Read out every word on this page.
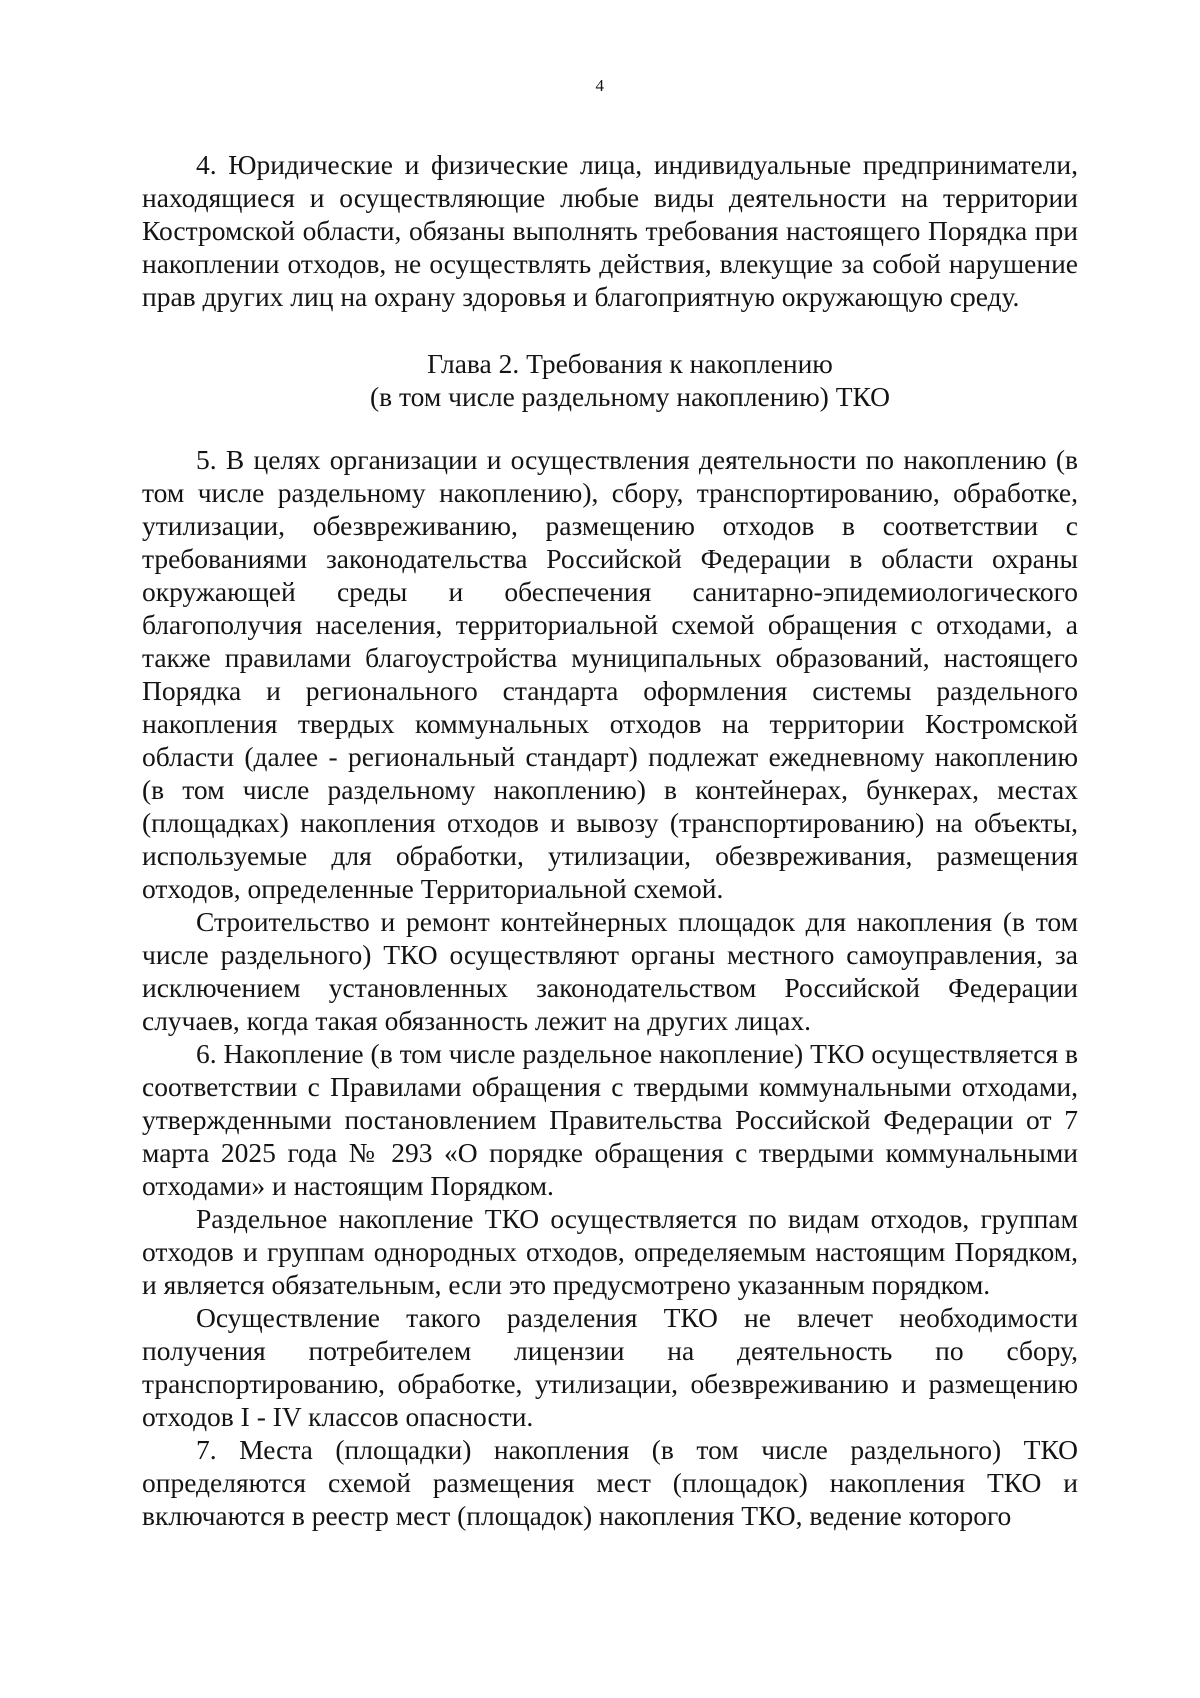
4

4. Юридические и физические лица, индивидуальные предприниматели, находящиеся и осуществляющие любые виды деятельности на территории Костромской области, обязаны выполнять требования настоящего Порядка при накоплении отходов, не осуществлять действия, влекущие за собой нарушение прав других лиц на охрану здоровья и благоприятную окружающую среду.

Глава 2. Требования к накоплению
(в том числе раздельному накоплению) ТКО

5. В целях организации и осуществления деятельности по накоплению (в том числе раздельному накоплению), сбору, транспортированию, обработке, утилизации, обезвреживанию, размещению отходов в соответствии с требованиями законодательства Российской Федерации в области охраны окружающей среды и обеспечения санитарно-эпидемиологического благополучия населения, территориальной схемой обращения с отходами, а также правилами благоустройства муниципальных образований, настоящего Порядка и регионального стандарта оформления системы раздельного накопления твердых коммунальных отходов на территории Костромской области (далее - региональный стандарт) подлежат ежедневному накоплению (в том числе раздельному накоплению) в контейнерах, бункерах, местах (площадках) накопления отходов и вывозу (транспортированию) на объекты, используемые для обработки, утилизации, обезвреживания, размещения отходов, определенные Территориальной схемой.

Строительство и ремонт контейнерных площадок для накопления (в том числе раздельного) ТКО осуществляют органы местного самоуправления, за исключением установленных законодательством Российской Федерации случаев, когда такая обязанность лежит на других лицах.

6. Накопление (в том числе раздельное накопление) ТКО осуществляется в соответствии с Правилами обращения с твердыми коммунальными отходами, утвержденными постановлением Правительства Российской Федерации от 7 марта 2025 года № 293 «О порядке обращения с твердыми коммунальными отходами» и настоящим Порядком.

Раздельное накопление ТКО осуществляется по видам отходов, группам отходов и группам однородных отходов, определяемым настоящим Порядком, и является обязательным, если это предусмотрено указанным порядком.

Осуществление такого разделения ТКО не влечет необходимости получения потребителем лицензии на деятельность по сбору, транспортированию, обработке, утилизации, обезвреживанию и размещению отходов I - IV классов опасности.

7. Места (площадки) накопления (в том числе раздельного) ТКО определяются схемой размещения мест (площадок) накопления ТКО и включаются в реестр мест (площадок) накопления ТКО, ведение которого
